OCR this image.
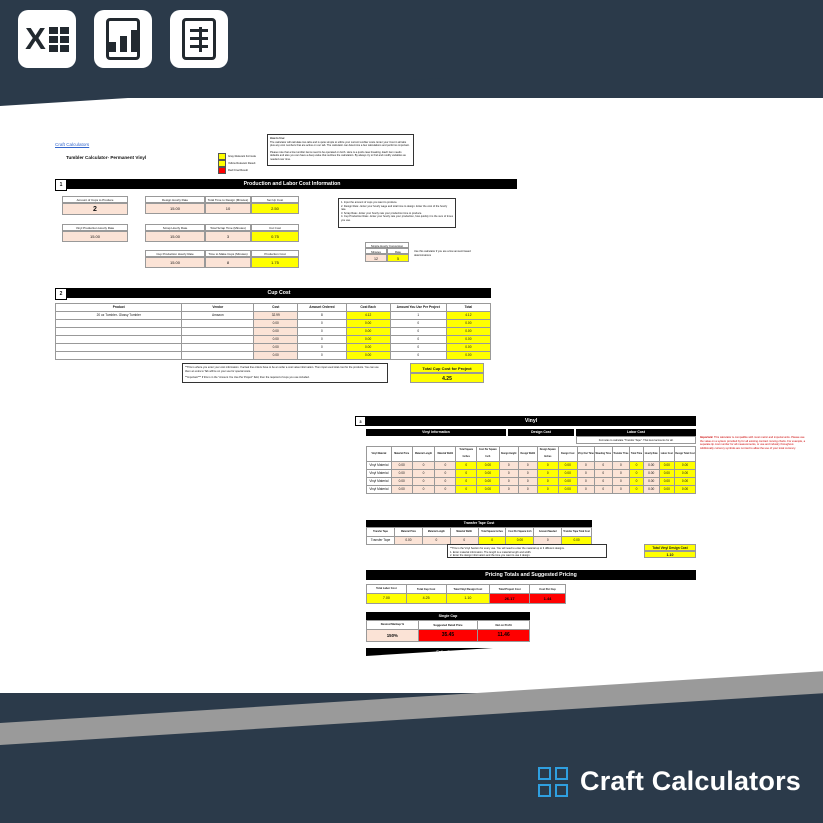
Craft Calculators
Tumbler Calculator- Permanent Vinyl	Gray Relevant Formula
Yellow Relevant Result
Red Final Result
How to Use:
The calculator will calculate two tabs and is quite simple to utilize your current tumbler costs. Enter your Cost in all tabs plus any cost numbers that are active on our tab. The calculator can determine a few calculations and performs important.
Please note that a few tumbler items need to be operated on both. Here is a quick case breaking. Each item needs defaults and also you can have a deep value that outlines the calculation. By always try to find and modify variables as needed over time.
1	Production and Labor Cost Information
Amount of Cups to Produce
2
Design Hourly Rate
15.00
Total Time to Design (Minutes)
10
Set Up Cost
2.50
Vinyl Production Hourly Rate
15.00
Scrap Hourly Rate
15.00
Total Scrap Time (Minutes)
3
Cut Cost
0.75
Cup Production Hourly Rate
15.00
Time to Make Cups (Minutes)
8
Production Cost
1.75
1. Input the amount of cups you want to produce.
2. Design Rate:- Enter your hourly wage and total time to design. Enter the cost of the hourly rate.
3. Scrap Rate:- Enter your hourly rate your production time to produce.
4. Cup Production Rate:- Enter your hourly rate your production, how quickly it is the sum of times you use.
Simple Hourly Conversion
Minutes	Rate
12	5
Use this calculator if you are a few amount based determinations
2	Cup Cost
Product	Vendor	Cost	Amount Ordered	Cost Each	Amount You Use Per Project	Total
20 oz Tumbler- Glossy Tumbler	Amazon	32.99	8	4.12	1	4.12
		0.00	0	0.00	0	0.00
		0.00	0	0.00	0	0.00
		0.00	0	0.00	0	0.00
		0.00	0	0.00	0	0.00
		0.00	0	0.00	0	0.00
**This is where you enter your cost information. If actual line orders have to be an order a cost value information. Then input used total cost for the products. You can use them an extra to Tab will be on your use for special costs.
**Important*** If this is in the "Amount You Use Per Project" field, then the required of cups you use included.
Total Cup Cost for Project
4.25
3	Vinyl
Vinyl Information	Design Cost	Labor Cost
Formulas to calculate "Transfer Tape". That level accounts for all.
Vinyl Material	Material Price	Material Length	Material Width	Total Square Inches	Cost Per Square Inch	Design Height	Design Width	Design Square Inches	Design Cost	Vinyl Cut Time	Weeding Time	Transfer Time	Total Time	Hourly Rate	Labor Cost	Design Total Cost
Vinyl Material	0.00	0	0	0	0.00	0	0	0	0.00	0	0	0	0	0.00	0.00	0.00
Vinyl Material	0.00	0	0	0	0.00	0	0	0	0.00	0	0	0	0	0.00	0.00	0.00
Vinyl Material	0.00	0	0	0	0.00	0	0	0	0.00	0	0	0	0	0.00	0.00	0.00
Vinyl Material	0.00	0	0	0	0.00	0	0	0	0.00	0	0	0	0	0.00	0.00	0.00
Important: This calculator is compatible with most metric and imperial units. Please use the value on a system provided by for all existing contract moving charts. For example, a separate tip cost number for all measurements, or use and industry throughout. Additionally currency symbols are not tied to allow the use of your local currency.
Transfer Tape Cost
Transfer Tape	Material Price	Material Length	Material Width	Total Square Inches	Cost Per Square Inch	Amount Needed	Transfer Tape Total Cost
Transfer Tape	0.00	0	0	0	0.00	0	0.00
**This is the Vinyl Section for every use. You will need to enter the material up to 3 different designs.
1. Enter material information. The length is a material length and width.
2. Enter the design information and the time you want to use it design.
Total Vinyl Design Cost
1.10
Pricing Totals and Suggested Pricing
Total Labor Cost	Total Cup Cost	Total Vinyl Design Cost	Total Project Cost	Cost Per Cup
7.00	4.25	1.10	26.17	1.44
Single Cup
Desired Markup %	Suggested Retail Price	Net on Profit
150%	35.45	11.46

X
Craft Calculators
